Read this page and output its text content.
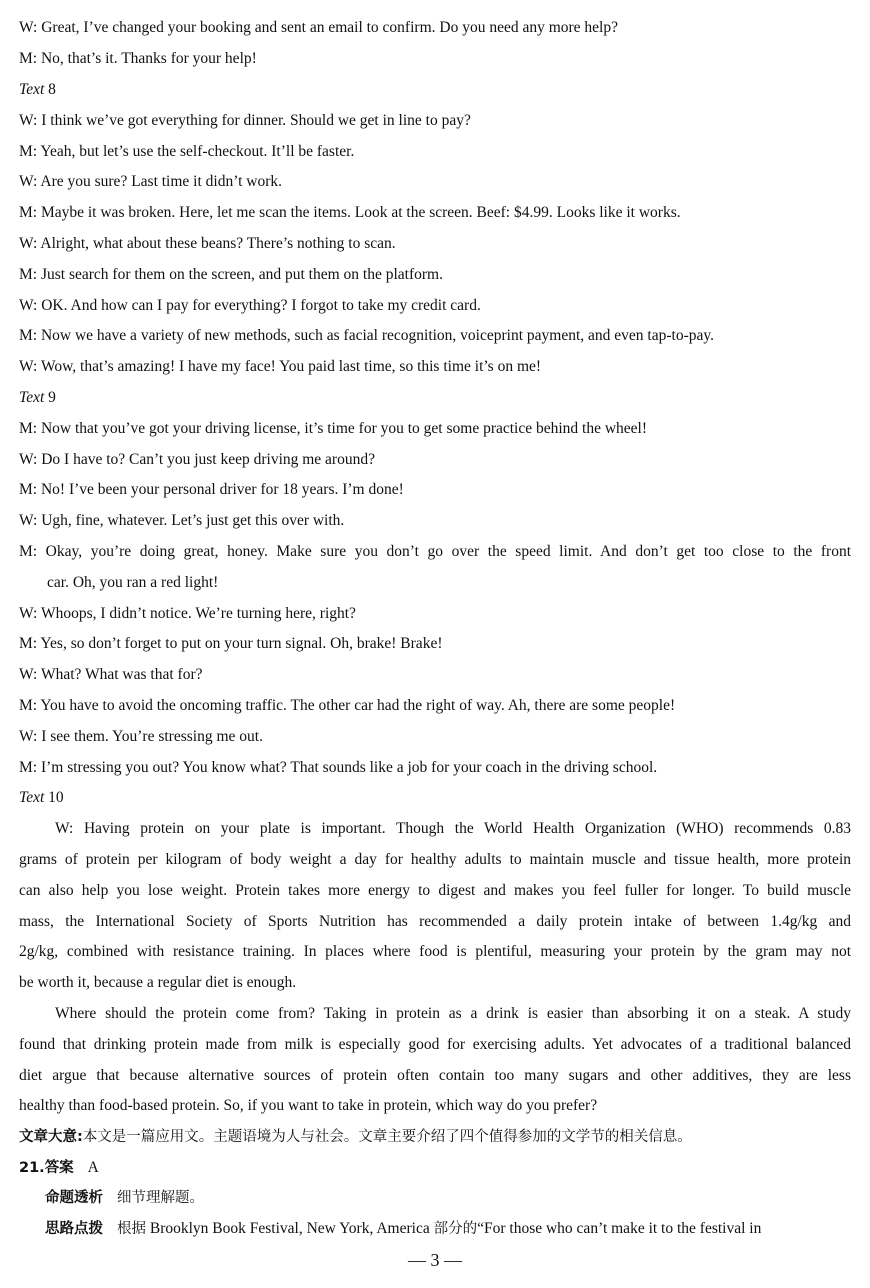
W: Great, I’ve changed your booking and sent an email to confirm. Do you need any more help?
M: No, that’s it. Thanks for your help!
Text 8
W: I think we’ve got everything for dinner. Should we get in line to pay?
M: Yeah, but let’s use the self-checkout. It’ll be faster.
W: Are you sure? Last time it didn’t work.
M: Maybe it was broken. Here, let me scan the items. Look at the screen. Beef: $4.99. Looks like it works.
W: Alright, what about these beans? There’s nothing to scan.
M: Just search for them on the screen, and put them on the platform.
W: OK. And how can I pay for everything? I forgot to take my credit card.
M: Now we have a variety of new methods, such as facial recognition, voiceprint payment, and even tap-to-pay.
W: Wow, that’s amazing! I have my face! You paid last time, so this time it’s on me!
Text 9
M: Now that you’ve got your driving license, it’s time for you to get some practice behind the wheel!
W: Do I have to? Can’t you just keep driving me around?
M: No! I’ve been your personal driver for 18 years. I’m done!
W: Ugh, fine, whatever. Let’s just get this over with.
M: Okay, you’re doing great, honey. Make sure you don’t go over the speed limit. And don’t get too close to the front
car. Oh, you ran a red light!
W: Whoops, I didn’t notice. We’re turning here, right?
M: Yes, so don’t forget to put on your turn signal. Oh, brake! Brake!
W: What? What was that for?
M: You have to avoid the oncoming traffic. The other car had the right of way. Ah, there are some people!
W: I see them. You’re stressing me out.
M: I’m stressing you out? You know what? That sounds like a job for your coach in the driving school.
Text 10
W: Having protein on your plate is important. Though the World Health Organization (WHO) recommends 0.83
grams of protein per kilogram of body weight a day for healthy adults to maintain muscle and tissue health, more protein
can also help you lose weight. Protein takes more energy to digest and makes you feel fuller for longer. To build muscle
mass, the International Society of Sports Nutrition has recommended a daily protein intake of between 1.4g/kg and
2g/kg, combined with resistance training. In places where food is plentiful, measuring your protein by the gram may not
be worth it, because a regular diet is enough.
Where should the protein come from? Taking in protein as a drink is easier than absorbing it on a steak. A study
found that drinking protein made from milk is especially good for exercising adults. Yet advocates of a traditional balanced
diet argue that because alternative sources of protein often contain too many sugars and other additives, they are less
healthy than food-based protein. So, if you want to take in protein, which way do you prefer?
文章大意:本文是一篇应用文。主题语境为人与社会。文章主要介绍了四个值得参加的文学节的相关信息。
21.答案 A
命题透析 细节理解题。
思路点拨 根据 Brooklyn Book Festival, New York, America 部分的“For those who can’t make it to the festival in
— 3 —
